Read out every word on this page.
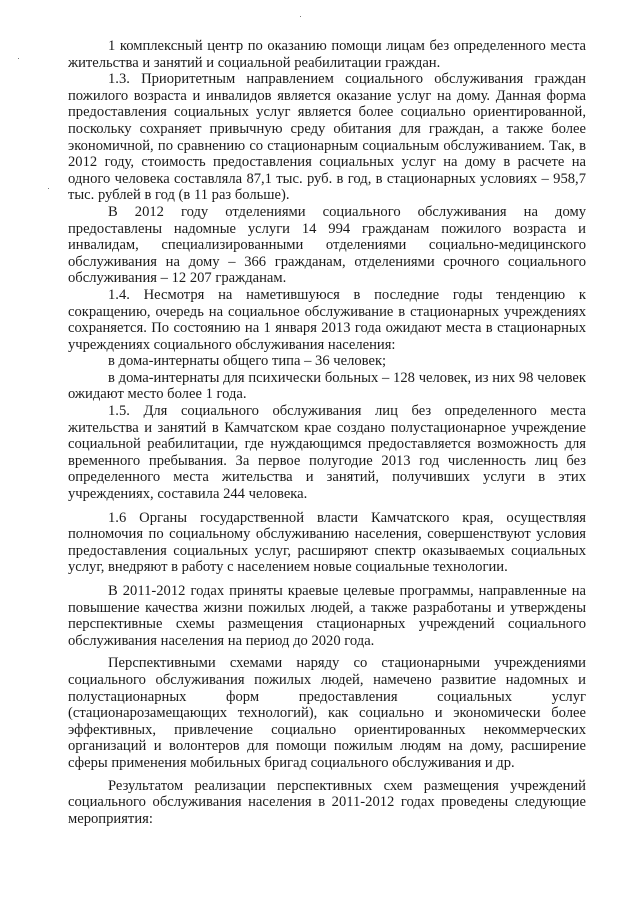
1 комплексный центр по оказанию помощи лицам без определенного места жительства и занятий и социальной реабилитации граждан.

1.3. Приоритетным направлением социального обслуживания граждан пожилого возраста и инвалидов является оказание услуг на дому. Данная форма предоставления социальных услуг является более социально ориентированной, поскольку сохраняет привычную среду обитания для граждан, а также более экономичной, по сравнению со стационарным социальным обслуживанием. Так, в 2012 году, стоимость предоставления социальных услуг на дому в расчете на одного человека составляла 87,1 тыс. руб. в год, в стационарных условиях – 958,7 тыс. рублей в год (в 11 раз больше).

В 2012 году отделениями социального обслуживания на дому предоставлены надомные услуги 14 994 гражданам пожилого возраста и инвалидам, специализированными отделениями социально-медицинского обслуживания на дому – 366 гражданам, отделениями срочного социального обслуживания – 12 207 гражданам.

1.4. Несмотря на наметившуюся в последние годы тенденцию к сокращению, очередь на социальное обслуживание в стационарных учреждениях сохраняется. По состоянию на 1 января 2013 года ожидают места в стационарных учреждениях социального обслуживания населения:

в дома-интернаты общего типа – 36 человек;

в дома-интернаты для психически больных – 128 человек, из них 98 человек ожидают место более 1 года.

1.5. Для социального обслуживания лиц без определенного места жительства и занятий в Камчатском крае создано полустационарное учреждение социальной реабилитации, где нуждающимся предоставляется возможность для временного пребывания. За первое полугодие 2013 год численность лиц без определенного места жительства и занятий, получивших услуги в этих учреждениях, составила 244 человека.

1.6 Органы государственной власти Камчатского края, осуществляя полномочия по социальному обслуживанию населения, совершенствуют условия предоставления социальных услуг, расширяют спектр оказываемых социальных услуг, внедряют в работу с населением новые социальные технологии.

В 2011-2012 годах приняты краевые целевые программы, направленные на повышение качества жизни пожилых людей, а также разработаны и утверждены перспективные схемы размещения стационарных учреждений социального обслуживания населения на период до 2020 года.

Перспективными схемами наряду со стационарными учреждениями социального обслуживания пожилых людей, намечено развитие надомных и полустационарных форм предоставления социальных услуг (стационарозамещающих технологий), как социально и экономически более эффективных, привлечение социально ориентированных некоммерческих организаций и волонтеров для помощи пожилым людям на дому, расширение сферы применения мобильных бригад социального обслуживания и др.

Результатом реализации перспективных схем размещения учреждений социального обслуживания населения в 2011-2012 годах проведены следующие мероприятия:
